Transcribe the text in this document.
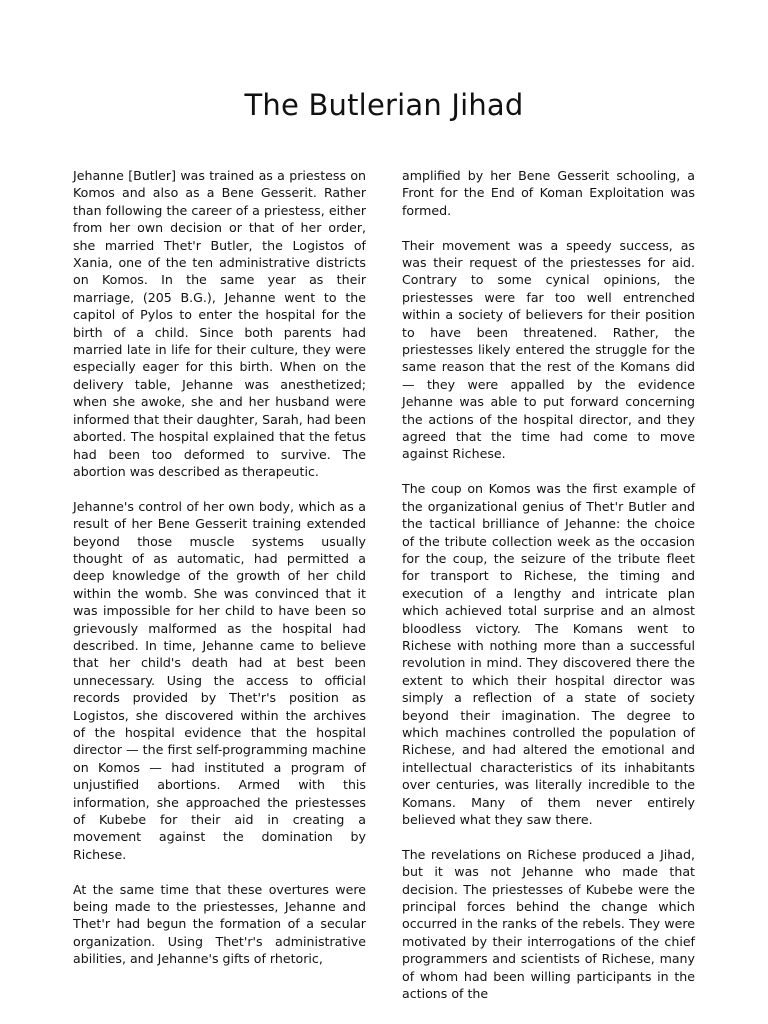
The Butlerian Jihad

Jehanne [Butler] was trained as a priestess on Komos and also as a Bene Gesserit. Rather than following the career of a priestess, either from her own decision or that of her order, she married Thet'r Butler, the Logistos of Xania, one of the ten administrative districts on Komos. In the same year as their marriage, (205 B.G.), Jehanne went to the capitol of Pylos to enter the hospital for the birth of a child. Since both parents had married late in life for their culture, they were especially eager for this birth. When on the delivery table, Jehanne was anesthetized; when she awoke, she and her husband were informed that their daughter, Sarah, had been aborted. The hospital explained that the fetus had been too deformed to survive. The abortion was described as therapeutic.

Jehanne's control of her own body, which as a result of her Bene Gesserit training extended beyond those muscle systems usually thought of as automatic, had permitted a deep knowledge of the growth of her child within the womb. She was convinced that it was impossible for her child to have been so grievously malformed as the hospital had described. In time, Jehanne came to believe that her child's death had at best been unnecessary. Using the access to official records provided by Thet'r's position as Logistos, she discovered within the archives of the hospital evidence that the hospital director — the first self-programming machine on Komos — had instituted a program of unjustified abortions. Armed with this information, she approached the priestesses of Kubebe for their aid in creating a movement against the domination by Richese.

At the same time that these overtures were being made to the priestesses, Jehanne and Thet'r had begun the formation of a secular organization. Using Thet'r's administrative abilities, and Jehanne's gifts of rhetoric,

amplified by her Bene Gesserit schooling, a Front for the End of Koman Exploitation was formed.

Their movement was a speedy success, as was their request of the priestesses for aid. Contrary to some cynical opinions, the priestesses were far too well entrenched within a society of believers for their position to have been threatened. Rather, the priestesses likely entered the struggle for the same reason that the rest of the Komans did — they were appalled by the evidence Jehanne was able to put forward concerning the actions of the hospital director, and they agreed that the time had come to move against Richese.

The coup on Komos was the first example of the organizational genius of Thet'r Butler and the tactical brilliance of Jehanne: the choice of the tribute collection week as the occasion for the coup, the seizure of the tribute fleet for transport to Richese, the timing and execution of a lengthy and intricate plan which achieved total surprise and an almost bloodless victory. The Komans went to Richese with nothing more than a successful revolution in mind. They discovered there the extent to which their hospital director was simply a reflection of a state of society beyond their imagination. The degree to which machines controlled the population of Richese, and had altered the emotional and intellectual characteristics of its inhabitants over centuries, was literally incredible to the Komans. Many of them never entirely believed what they saw there.

The revelations on Richese produced a Jihad, but it was not Jehanne who made that decision. The priestesses of Kubebe were the principal forces behind the change which occurred in the ranks of the rebels. They were motivated by their interrogations of the chief programmers and scientists of Richese, many of whom had been willing participants in the actions of the
